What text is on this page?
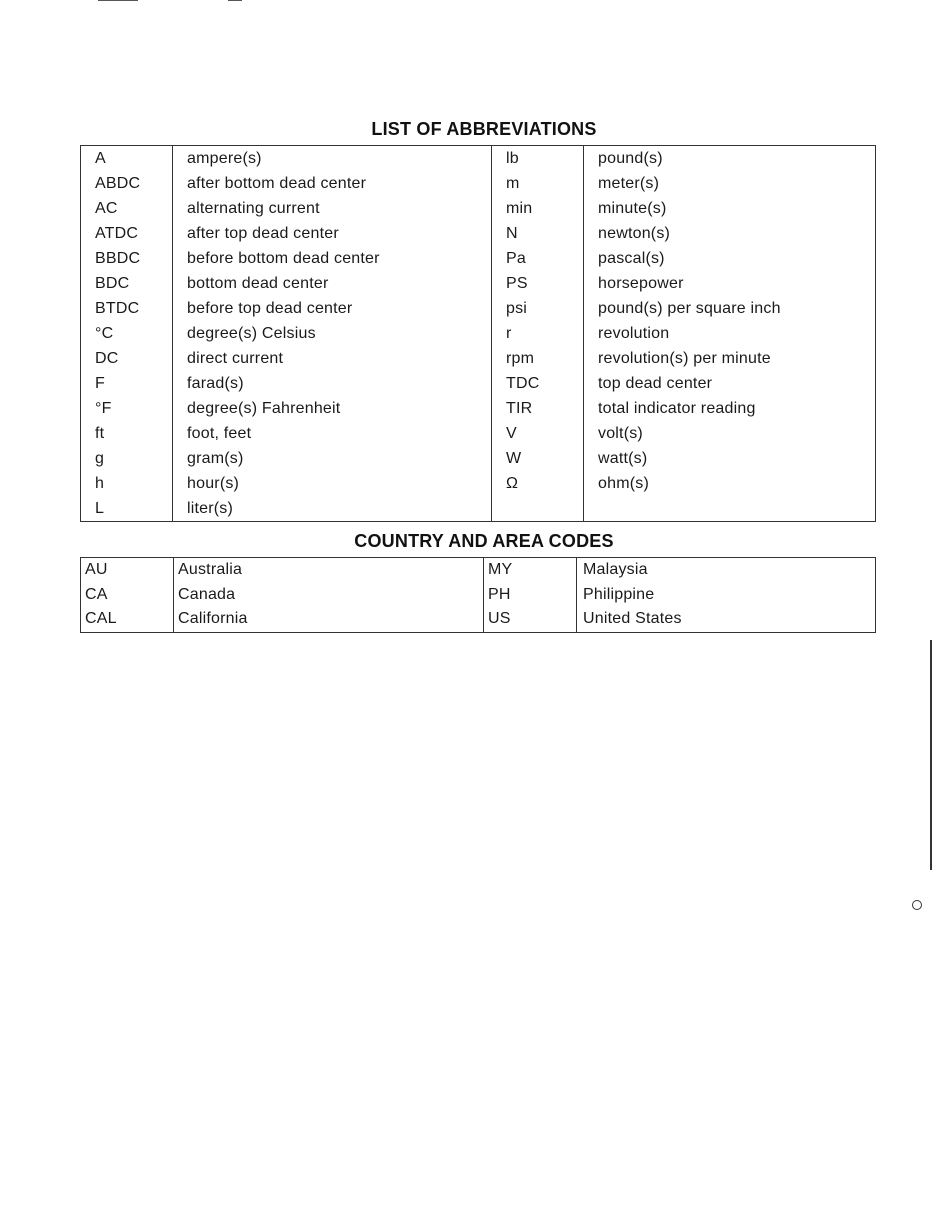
LIST OF ABBREVIATIONS
A	ampere(s)	lb	pound(s)
ABDC	after bottom dead center	m	meter(s)
AC	alternating current	min	minute(s)
ATDC	after top dead center	N	newton(s)
BBDC	before bottom dead center	Pa	pascal(s)
BDC	bottom dead center	PS	horsepower
BTDC	before top dead center	psi	pound(s) per square inch
°C	degree(s) Celsius	r	revolution
DC	direct current	rpm	revolution(s) per minute
F	farad(s)	TDC	top dead center
°F	degree(s) Fahrenheit	TIR	total indicator reading
ft	foot, feet	V	volt(s)
g	gram(s)	W	watt(s)
h	hour(s)	Ω	ohm(s)
L	liter(s)		
COUNTRY AND AREA CODES
AU	Australia	MY	Malaysia
CA	Canada	PH	Philippine
CAL	California	US	United States
